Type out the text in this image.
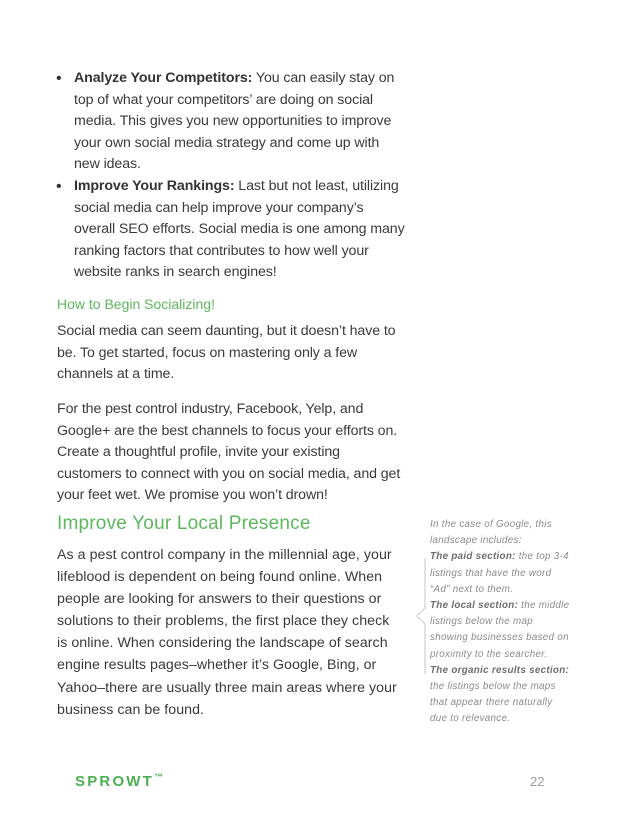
• Analyze Your Competitors: You can easily stay on top of what your competitors’ are doing on social media. This gives you new opportunities to improve your own social media strategy and come up with new ideas.
• Improve Your Rankings: Last but not least, utilizing social media can help improve your company’s overall SEO efforts. Social media is one among many ranking factors that contributes to how well your website ranks in search engines!
How to Begin Socializing!

Social media can seem daunting, but it doesn’t have to be. To get started, focus on mastering only a few channels at a time.

For the pest control industry, Facebook, Yelp, and Google+ are the best channels to focus your efforts on. Create a thoughtful profile, invite your existing customers to connect with you on social media, and get your feet wet. We promise you won’t drown!

Improve Your Local Presence

As a pest control company in the millennial age, your lifeblood is dependent on being found online. When people are looking for answers to their questions or solutions to their problems, the first place they check is online. When considering the landscape of search engine results pages–whether it’s Google, Bing, or Yahoo–there are usually three main areas where your business can be found.

In the case of Google, this landscape includes:

The paid section: the top 3-4 listings that have the word “Ad” next to them.

The local section: the middle listings below the map showing businesses based on proximity to the searcher.

The organic results section: the listings below the maps that appear there naturally due to relevance.

SPROWT™	22
